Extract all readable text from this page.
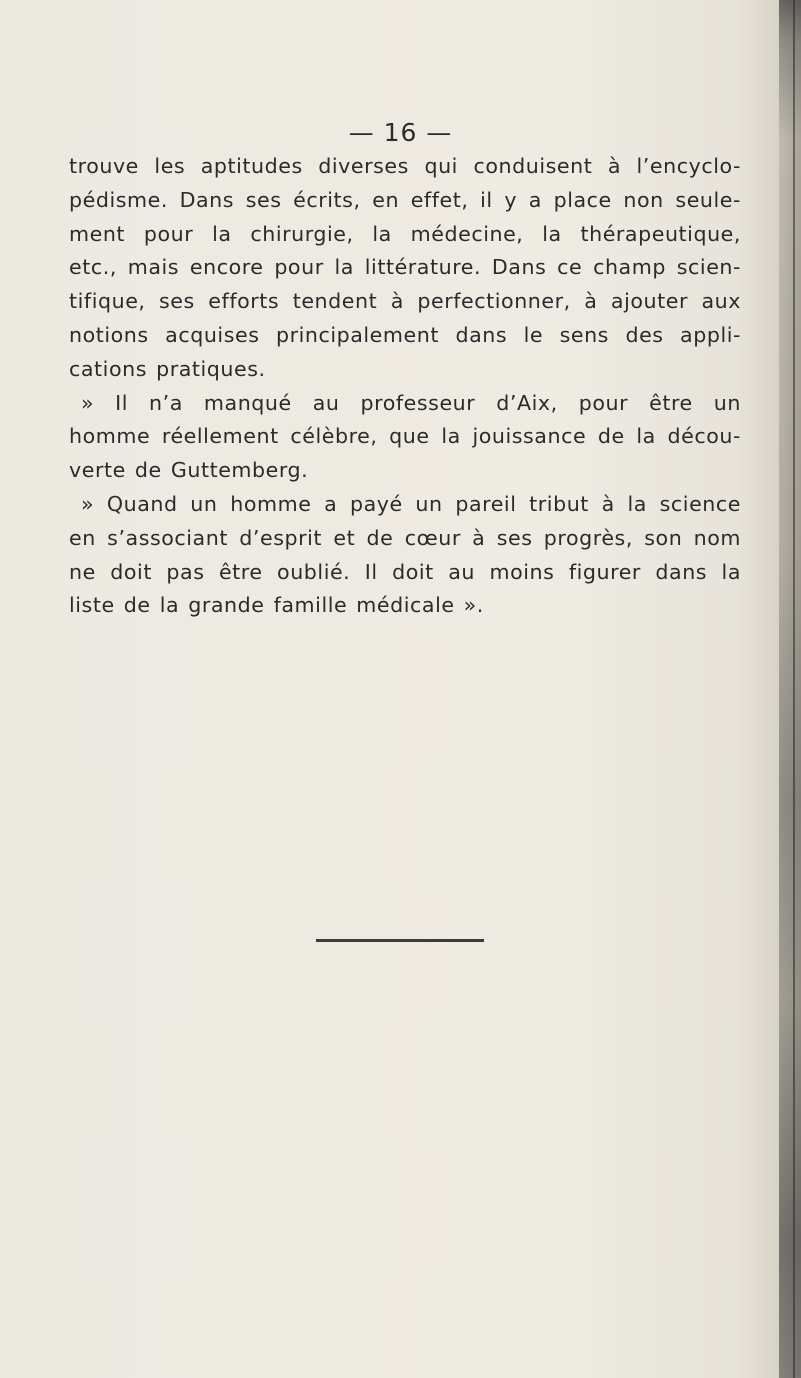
— 16 —
trouve les aptitudes diverses qui conduisent à l’encyclo-
pédisme. Dans ses écrits, en effet, il y a place non seule-
ment pour la chirurgie, la médecine, la thérapeutique,
etc., mais encore pour la littérature. Dans ce champ scien-
tifique, ses efforts tendent à perfectionner, à ajouter aux
notions acquises principalement dans le sens des appli-
cations pratiques.
» Il n’a manqué au professeur d’Aix, pour être un
homme réellement célèbre, que la jouissance de la décou-
verte de Guttemberg.
» Quand un homme a payé un pareil tribut à la science
en s’associant d’esprit et de cœur à ses progrès, son nom
ne doit pas être oublié. Il doit au moins figurer dans la
liste de la grande famille médicale ».
